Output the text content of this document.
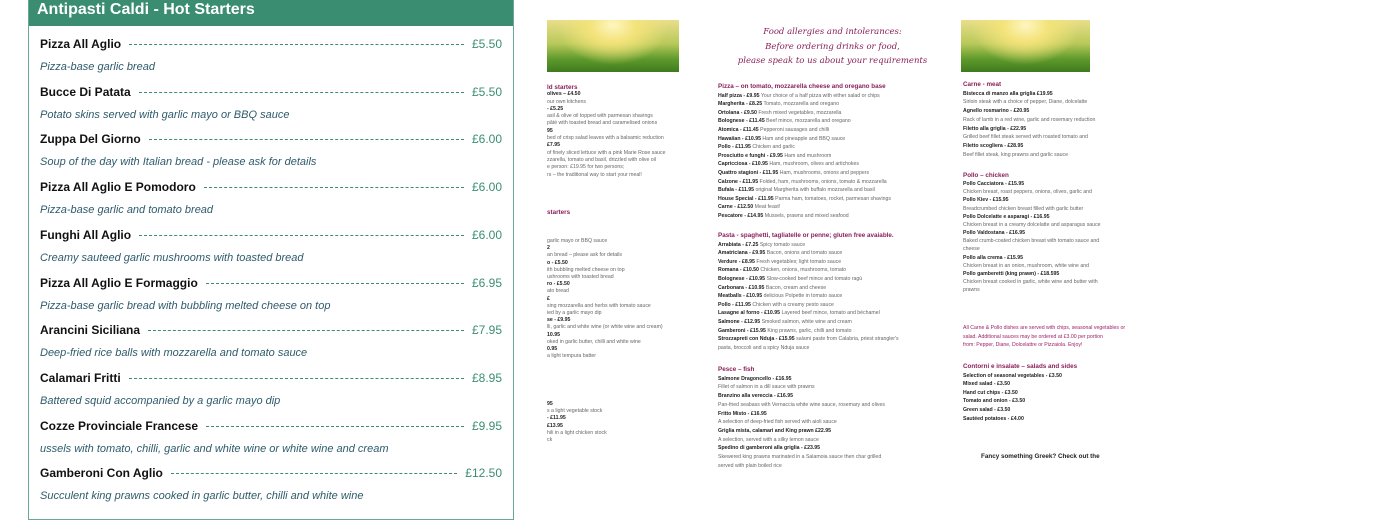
Antipasti Caldi - Hot Starters
Pizza All Aglio	£5.50
Pizza-base garlic bread
Bucce Di Patata	£5.50
Potato skins served with garlic mayo or BBQ sauce
Zuppa Del Giorno	£6.00
Soup of the day with Italian bread - please ask for details
Pizza All Aglio E Pomodoro	£6.00
Pizza-base garlic and tomato bread
Funghi All Aglio	£6.00
Creamy sauteed garlic mushrooms with toasted bread
Pizza All Aglio E Formaggio	£6.95
Pizza-base garlic bread with bubbling melted cheese on top
Arancini Siciliana	£7.95
Deep-fried rice balls with mozzarella and tomato sauce
Calamari Fritti	£8.95
Battered squid accompanied by a garlic mayo dip
Cozze Provinciale Francese	£9.95
ussels with tomato, chilli, garlic and white wine or white wine and cream
Gamberoni Con Aglio	£12.50
Succulent king prawns cooked in garlic butter, chilli and white wine
Food allergies and intolerances:
Before ordering drinks or food,
please speak to us about your requirements
ld starters
olives – £4.50
our own kitchens
- £5.25
asil & olive oil topped with parmesan shavings
pâté with toasted bread and caramelised onions
95
bed of crisp salad leaves with a balsamic reduction
£7.95
of finely sliced lettuce with a pink Marie Rose sauce
zzarella, tomato and basil, drizzled with olive oil
e person: £19.95 for two persons;
rs – the traditional way to start your meal!
starters
garlic mayo or BBQ sauce
2
an bread – please ask for details
o - £5.50
ith bubbling melted cheese on top
ushrooms with toasted bread
ro - £5.50
ato bread
£
sing mozzarella and herbs with tomato sauce
ied by a garlic mayo dip
se - £9.95
lli, garlic and white wine (or white wine and cream)
10.95
oked in garlic butter, chilli and white wine
0.95
a light tempura batter
95
s a light vegetable stock
- £11.95
£13.95
hili in a light chicken stock
ck
Pizza – on tomato, mozzarella cheese and oregano base
Half pizza - £9.95 Your choice of a half pizza with either salad or chips
Margherita - £8.25 Tomato, mozzarella and oregano
Ortolana - £9.50 Fresh mixed vegetables, mozzarella
Bolognese - £11.45 Beef mince, mozzarella and oregano
Atomica - £11.45 Pepperoni sausages and chilli
Hawaiian - £10.95 Ham and pineapple and BBQ sauce
Pollo - £11.95 Chicken and garlic
Prosciutto e funghi - £9.95 Ham and mushroom
Capricciosa - £10.95 Ham, mushroom, olives and artichokes
Quattro stagioni - £11.95 Ham, mushrooms, onions and peppers
Calzone - £11.95 Folded, ham, mushrooms, onions, tomato & mozzarella
Bufala - £11.95 original Margherita with buffalo mozzarella and basil
House Special - £11.95 Parma ham, tomatoes, rocket, parmesan shavings
Carne - £12.50 Meat feast!
Pescatore - £14.95 Mussels, prawns and mixed seafood
Pasta - spaghetti, tagliatelle or penne; gluten free avaiable.
Arrabiata - £7.25 Spicy tomato sauce
Amatriciana - £9.95 Bacon, onions and tomato sauce
Verdure - £8.95 Fresh vegetables; light tomato sauce
Romana - £10.50 Chicken, onions, mushrooms, tomato
Bolognese - £10.95 Slow-cooked beef mince and tomato ragù
Carbonara - £10.95 Bacon, cream and cheese
Meatballs - £10.95 delicious Polpette in tomato sauce
Pollo - £11.95 Chicken with a creamy pesto sauce
Lasagne al forno - £10.95 Layered beef mince, tomato and béchamel
Salmone - £12.95 Smoked salmon, white wine and cream
Gamberoni - £15.95 King prawns, garlic, chilli and tomato
Strozzapreti con Nduja - £15.95 salami paste from Calabria, priest strangler's
pasta, broccoli and a spicy Nduja sauce
Pesce – fish
Salmone Dragoncello - £16.95
Fillet of salmon in a dill sauce with prawns
Branzino alla vereccia - £16.95
Pan-fried seabass with Vernaccia white wine sauce, rosemary and olives
Fritto Misto - £16.95
A selection of deep-fried fish served with aioli sauce
Griglia mista, calamari and King prawn £22.95
A selection, served with a silky lemon sauce
Spedino di gamberoni alla griglia - £23.95
Skewered king prawns marinated in a Salamoia sauce then char grilled
served with plain boiled rice
Carne - meat
Bistecca di manzo alla griglia £19.95
Sirloin steak with a choice of pepper, Diane, dolcelatte
Agnello rosmarino - £20.95
Rack of lamb in a red wine, garlic and rosemary reduction
Filetto alla griglia - £22.95
Grilled beef fillet steak served with roasted tomato and
Filetto scogliera - £28.95
Beef fillet steak, king prawns and garlic sauce
Pollo – chicken
Pollo Cacciatora - £15.95
Chicken breast, roast peppers, onions, olives, garlic and
Pollo Kiev - £15.95
Breadcrumbed chicken breast filled with garlic butter
Pollo Dolcelatte e asparagi - £16.95
Chicken breast in a creamy dolcelatte and asparagus sauce
Pollo Valdostana - £16.95
Baked crumb-coated chicken breast with tomato sauce and
cheese
Pollo alla crema - £15.95
Chicken breast in an onion, mushroom, white wine and
Pollo gamberetti (king prawn) - £18.595
Chicken breast cooked in garlic, white wine and butter with
prawns
All Carne & Pollo dishes are served with chips, seasonal vegetables or
salad. Additional sauces may be ordered at £3.00 per portion
from: Pepper, Diane, Dolcelattre or Pizzaiola. Enjoy!
Contorni e insalate – salads and sides
Selection of seasonal vegetables - £3.50
Mixed salad - £3.50
Hand cut chips - £3.50
Tomato and onion - £3.50
Green salad - £3.50
Sautéed potatoes - £4.00
Fancy something Greek? Check out the
